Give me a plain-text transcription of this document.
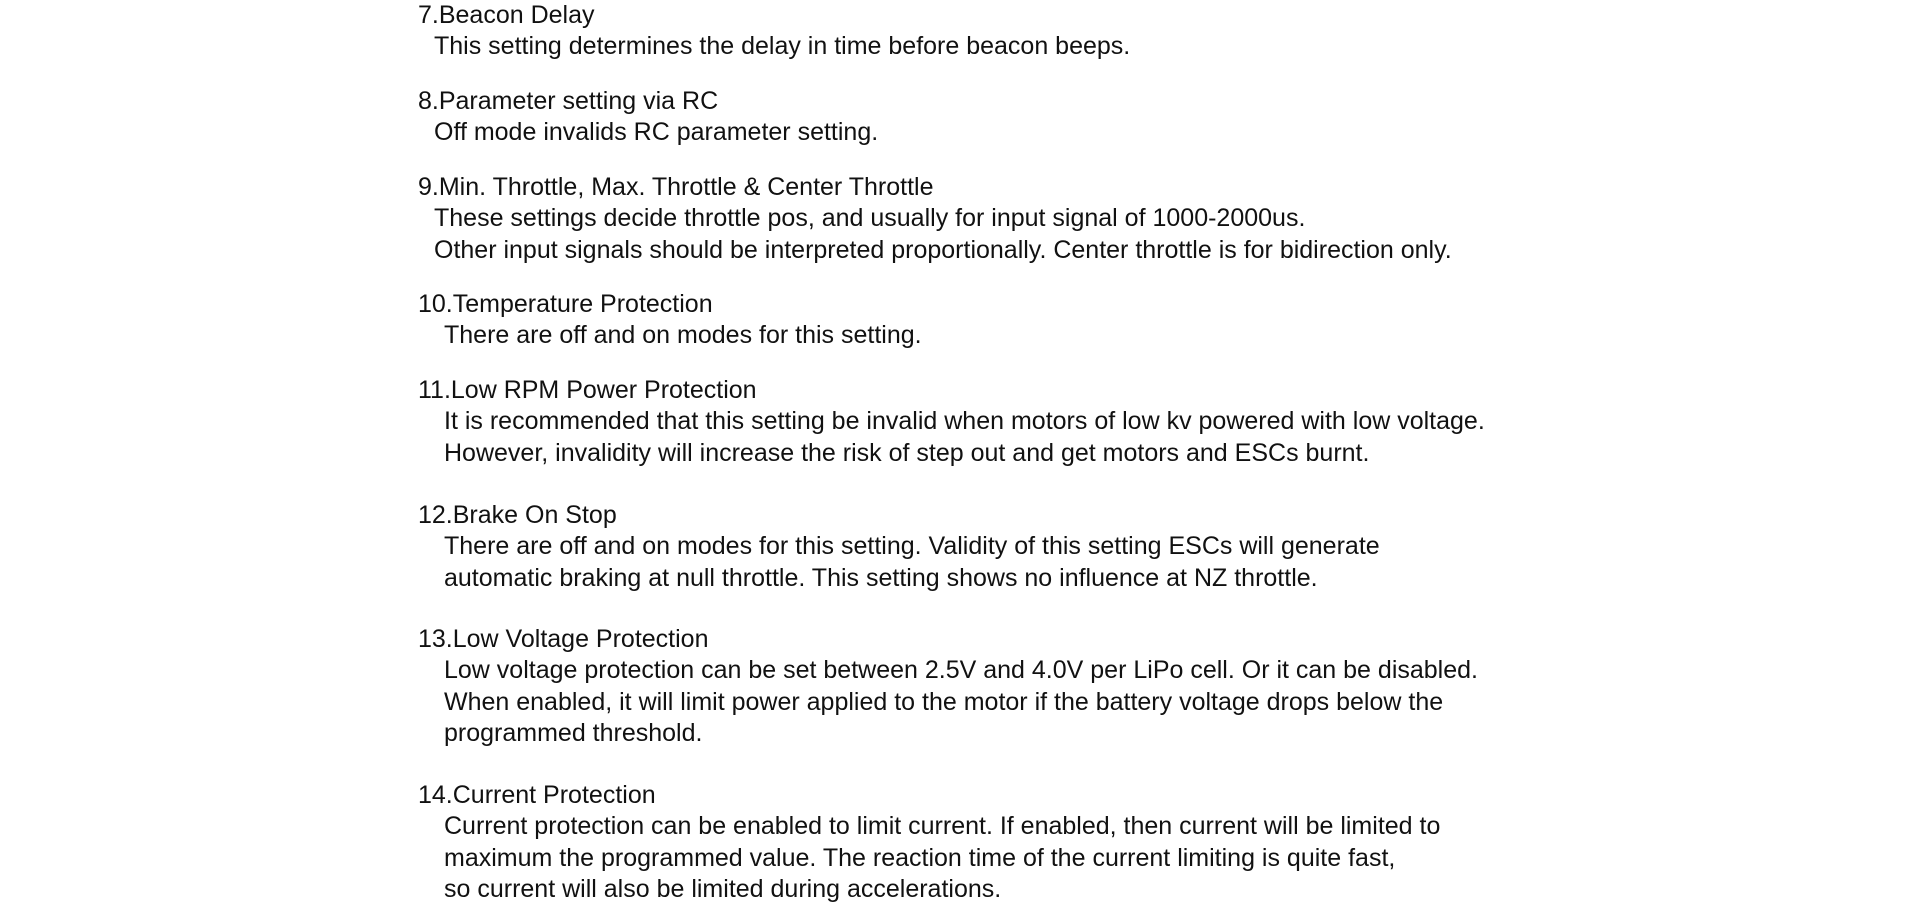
7.Beacon Delay
This setting determines the delay in time before beacon beeps.
8.Parameter setting via RC
Off mode invalids RC parameter setting.
9.Min. Throttle, Max. Throttle & Center Throttle
These settings decide throttle pos, and usually for input signal of 1000-2000us.
Other input signals should be interpreted proportionally. Center throttle is for bidirection only.
10.Temperature Protection
There are off and on modes for this setting.
11.Low RPM Power Protection
It is recommended that this setting be invalid when motors of low kv powered with low voltage.
However, invalidity will increase the risk of step out and get motors and ESCs burnt.
12.Brake On Stop
There are off and on modes for this setting. Validity of this setting ESCs will generate
automatic braking at null throttle. This setting shows no influence at NZ throttle.
13.Low Voltage Protection
Low voltage protection can be set between 2.5V and 4.0V per LiPo cell. Or it can be disabled.
When enabled, it will limit power applied to the motor if the battery voltage drops below the
programmed threshold.
14.Current Protection
Current protection can be enabled to limit current. If enabled, then current will be limited to
maximum the programmed value. The reaction time of the current limiting is quite fast,
so current will also be limited during accelerations.
